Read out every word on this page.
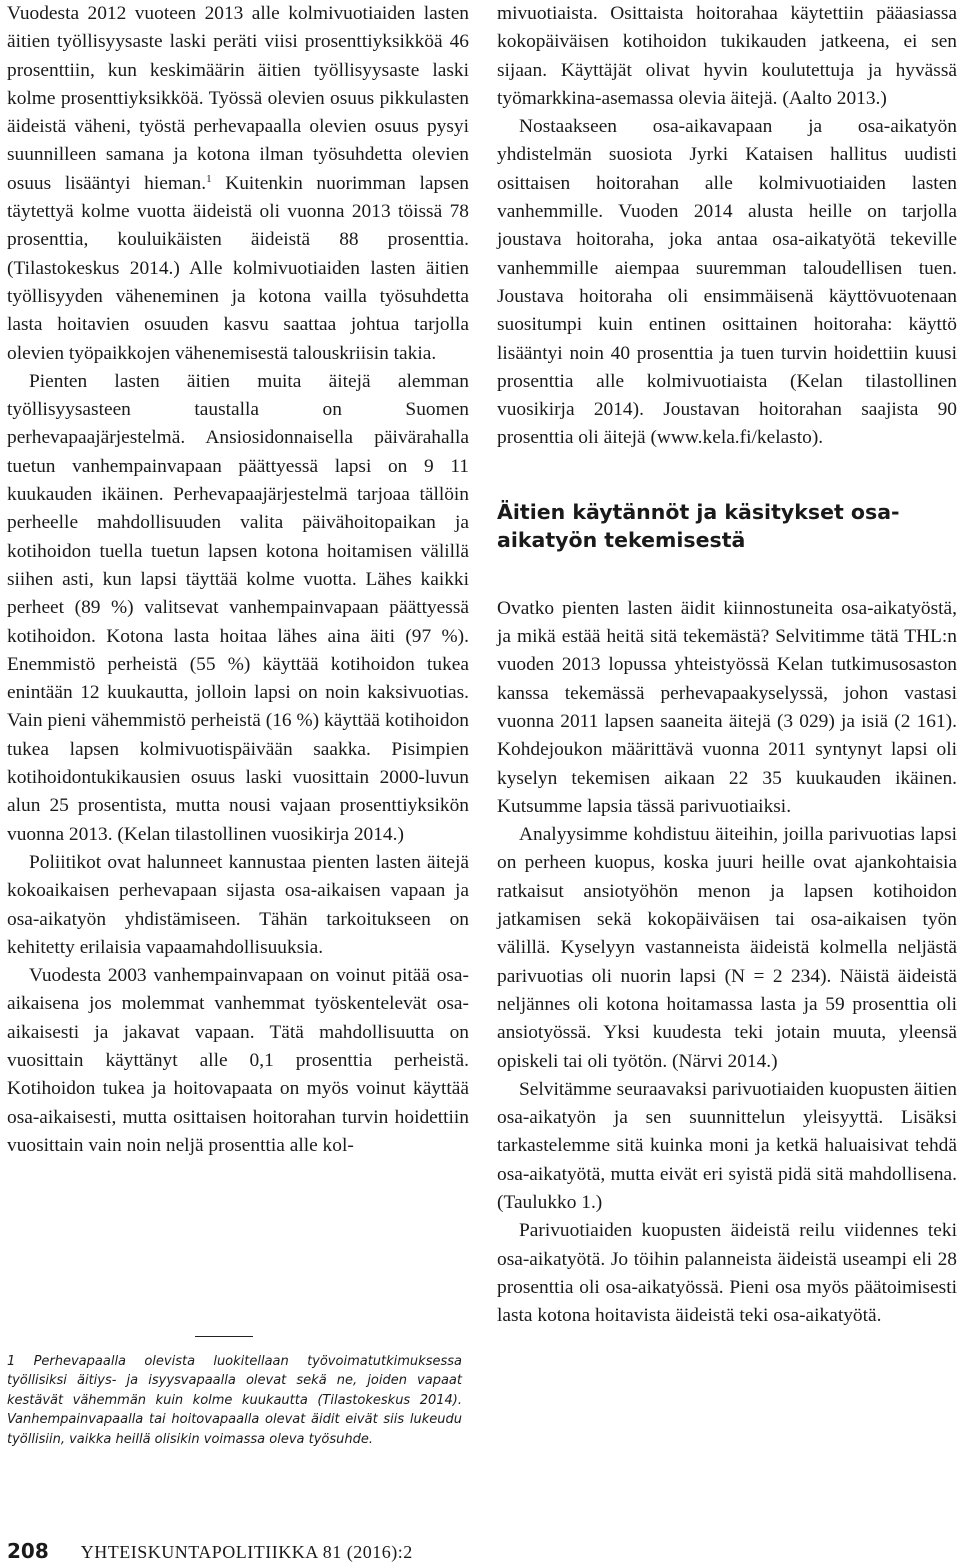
Vuodesta 2012 vuoteen 2013 alle kolmivuotiaiden lasten äitien työllisyysaste laski peräti viisi prosenttiyksikköä 46 prosenttiin, kun keskimäärin äitien työllisyysaste laski kolme prosenttiyksikköä. Työssä olevien osuus pikkulasten äideistä väheni, työstä perhevapaalla olevien osuus pysyi suunnilleen samana ja kotona ilman työsuhdetta olevien osuus lisääntyi hieman.$^1$ Kuitenkin nuorimman lapsen täytettyä kolme vuotta äideistä oli vuonna 2013 töissä 78 prosenttia, kouluikäisten äideistä 88 prosenttia. (Tilastokeskus 2014.) Alle kolmivuotiaiden lasten äitien työllisyyden väheneminen ja kotona vailla työsuhdetta lasta hoitavien osuuden kasvu saattaa johtua tarjolla olevien työpaikkojen vähenemisestä talouskriisin takia.

Pienten lasten äitien muita äitejä alemman työllisyysasteen taustalla on Suomen perhevapaajärjestelmä. Ansiosidonnaisella päivärahalla tuetun vanhempainvapaan päättyessä lapsi on 9 11 kuukauden ikäinen. Perhevapaajärjestelmä tarjoaa tällöin perheelle mahdollisuuden valita päivähoitopaikan ja kotihoidon tuella tuetun lapsen kotona hoitamisen välillä siihen asti, kun lapsi täyttää kolme vuotta. Lähes kaikki perheet (89 %) valitsevat vanhempainvapaan päättyessä kotihoidon. Kotona lasta hoitaa lähes aina äiti (97 %). Enemmistö perheistä (55 %) käyttää kotihoidon tukea enintään 12 kuukautta, jolloin lapsi on noin kaksivuotias. Vain pieni vähemmistö perheistä (16 %) käyttää kotihoidon tukea lapsen kolmivuotispäivään saakka. Pisimpien kotihoidontukikausien osuus laski vuosittain 2000-luvun alun 25 prosentista, mutta nousi vajaan prosenttiyksikön vuonna 2013. (Kelan tilastollinen vuosikirja 2014.)

Poliitikot ovat halunneet kannustaa pienten lasten äitejä kokoaikaisen perhevapaan sijasta osa-aikaisen vapaan ja osa-aikatyön yhdistämiseen. Tähän tarkoitukseen on kehitetty erilaisia vapaamahdollisuuksia.

Vuodesta 2003 vanhempainvapaan on voinut pitää osa-aikaisena jos molemmat vanhemmat työskentelevät osa-aikaisesti ja jakavat vapaan. Tätä mahdollisuutta on vuosittain käyttänyt alle 0,1 prosenttia perheistä. Kotihoidon tukea ja hoitovapaata on myös voinut käyttää osa-aikaisesti, mutta osittaisen hoitorahan turvin hoidettiin vuosittain vain noin neljä prosenttia alle kol-

1 Perhevapaalla olevista luokitellaan työvoimatutkimuksessa työllisiksi äitiys- ja isyysvapaalla olevat sekä ne, joiden vapaat kestävät vähemmän kuin kolme kuukautta (Tilastokeskus 2014). Vanhempainvapaalla tai hoitovapaalla olevat äidit eivät siis lukeudu työllisiin, vaikka heillä olisikin voimassa oleva työsuhde.

mivuotiaista. Osittaista hoitorahaa käytettiin pääasiassa kokopäiväisen kotihoidon tukikauden jatkeena, ei sen sijaan. Käyttäjät olivat hyvin koulutettuja ja hyvässä työmarkkina-asemassa olevia äitejä. (Aalto 2013.)

Nostaakseen osa-aikavapaan ja osa-aikatyön yhdistelmän suosiota Jyrki Kataisen hallitus uudisti osittaisen hoitorahan alle kolmivuotiaiden lasten vanhemmille. Vuoden 2014 alusta heille on tarjolla joustava hoitoraha, joka antaa osa-aikatyötä tekeville vanhemmille aiempaa suuremman taloudellisen tuen. Joustava hoitoraha oli ensimmäisenä käyttövuotenaan suositumpi kuin entinen osittainen hoitoraha: käyttö lisääntyi noin 40 prosenttia ja tuen turvin hoidettiin kuusi prosenttia alle kolmivuotiaista (Kelan tilastollinen vuosikirja 2014). Joustavan hoitorahan saajista 90 prosenttia oli äitejä (www.kela.fi/kelasto).

Äitien käytännöt ja käsitykset osa-aikatyön tekemisestä

Ovatko pienten lasten äidit kiinnostuneita osa-aikatyöstä, ja mikä estää heitä sitä tekemästä? Selvitimme tätä THL:n vuoden 2013 lopussa yhteistyössä Kelan tutkimusosaston kanssa tekemässä perhevapaakyselyssä, johon vastasi vuonna 2011 lapsen saaneita äitejä (3 029) ja isiä (2 161). Kohdejoukon määrittävä vuonna 2011 syntynyt lapsi oli kyselyn tekemisen aikaan 22 35 kuukauden ikäinen. Kutsumme lapsia tässä parivuotiaiksi.

Analyysimme kohdistuu äiteihin, joilla parivuotias lapsi on perheen kuopus, koska juuri heille ovat ajankohtaisia ratkaisut ansiotyöhön menon ja lapsen kotihoidon jatkamisen sekä kokopäiväisen tai osa-aikaisen työn välillä. Kyselyyn vastanneista äideistä kolmella neljästä parivuotias oli nuorin lapsi (N = 2 234). Näistä äideistä neljännes oli kotona hoitamassa lasta ja 59 prosenttia oli ansiotyössä. Yksi kuudesta teki jotain muuta, yleensä opiskeli tai oli työtön. (Närvi 2014.)

Selvitämme seuraavaksi parivuotiaiden kuopusten äitien osa-aikatyön ja sen suunnittelun yleisyyttä. Lisäksi tarkastelemme sitä kuinka moni ja ketkä haluaisivat tehdä osa-aikatyötä, mutta eivät eri syistä pidä sitä mahdollisena. (Taulukko 1.)

Parivuotiaiden kuopusten äideistä reilu viidennes teki osa-aikatyötä. Jo töihin palanneista äideistä useampi eli 28 prosenttia oli osa-aikatyössä. Pieni osa myös päätoimisesti lasta kotona hoitavista äideistä teki osa-aikatyötä.

208 YHTEISKUNTAPOLITIIKKA 81 (2016):2
